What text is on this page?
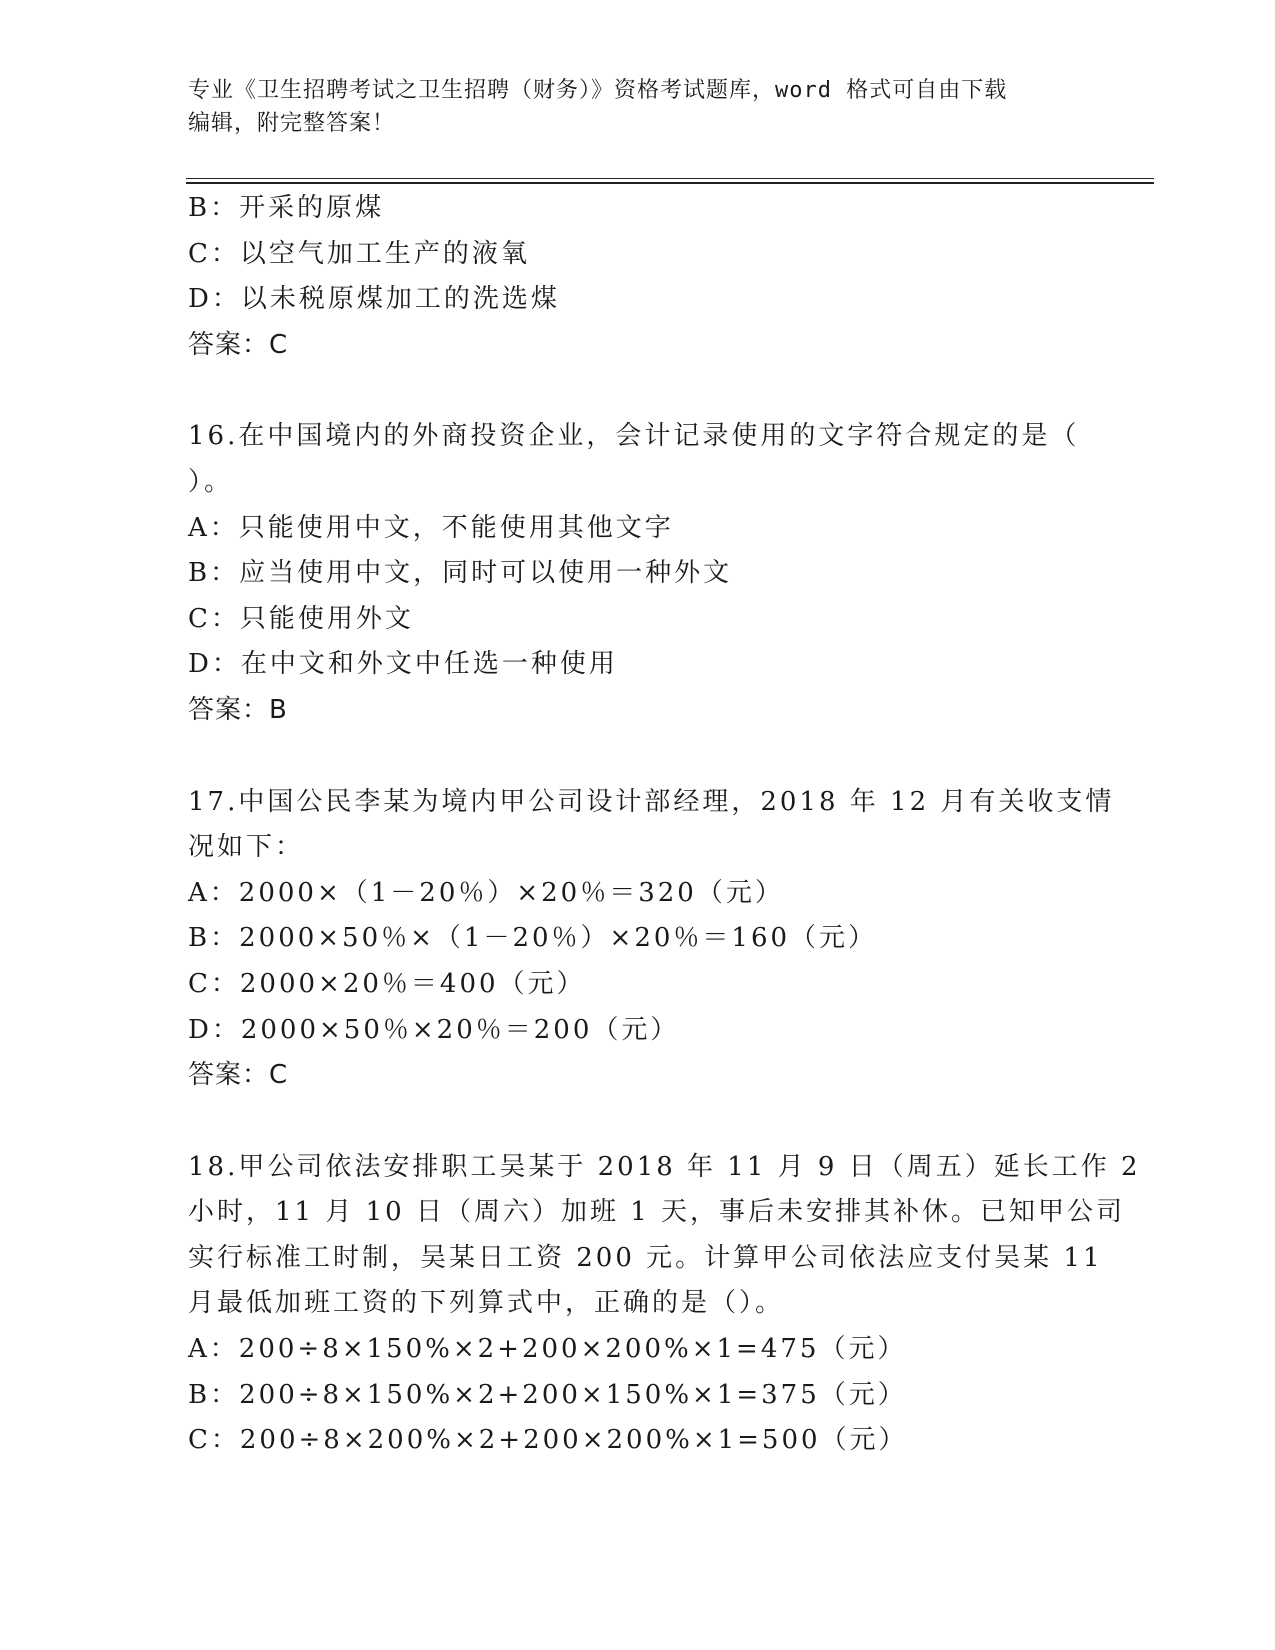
专业《卫生招聘考试之卫生招聘（财务）》资格考试题库，word 格式可自由下载
编辑，附完整答案！
B：开采的原煤
C：以空气加工生产的液氧
D：以未税原煤加工的洗选煤
答案：C
16.在中国境内的外商投资企业，会计记录使用的文字符合规定的是（
）。
A：只能使用中文，不能使用其他文字
B：应当使用中文，同时可以使用一种外文
C：只能使用外文
D：在中文和外文中任选一种使用
答案：B
17.中国公民李某为境内甲公司设计部经理，2018 年 12 月有关收支情
况如下：
A：2000×（1－20％）×20％＝320（元）
B：2000×50％×（1－20％）×20％＝160（元）
C：2000×20％＝400（元）
D：2000×50％×20％＝200（元）
答案：C
18.甲公司依法安排职工吴某于 2018 年 11 月 9 日（周五）延长工作 2
小时，11 月 10 日（周六）加班 1 天，事后未安排其补休。已知甲公司
实行标准工时制，吴某日工资 200 元。计算甲公司依法应支付吴某 11
月最低加班工资的下列算式中，正确的是（）。
A：200÷8×150%×2+200×200%×1=475（元）
B：200÷8×150%×2+200×150%×1=375（元）
C：200÷8×200%×2+200×200%×1=500（元）
